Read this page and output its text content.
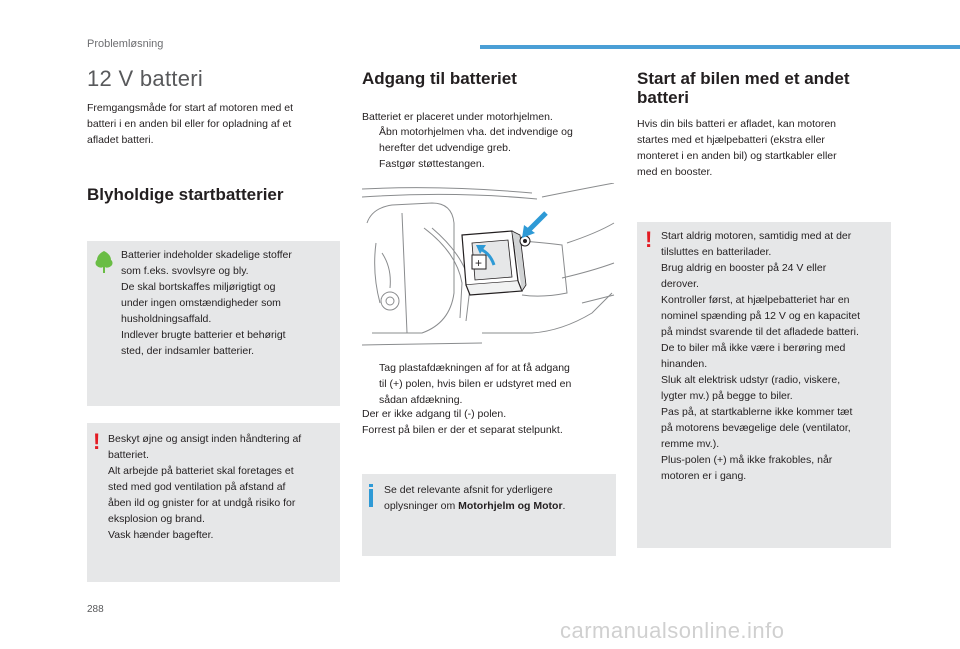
Problemløsning
12 V batteri
Fremgangsmåde for start af motoren med et
batteri i en anden bil eller for opladning af et
afladet batteri.
Blyholdige startbatterier
Batterier indeholder skadelige stoffer
som f.eks. svovlsyre og bly.
De skal bortskaffes miljørigtigt og
under ingen omstændigheder som
husholdningsaffald.
Indlever brugte batterier et behørigt
sted, der indsamler batterier.
! Beskyt øjne og ansigt inden håndtering af
batteriet.
Alt arbejde på batteriet skal foretages et
sted med god ventilation på afstand af
åben ild og gnister for at undgå risiko for
eksplosion og brand.
Vask hænder bagefter.
Adgang til batteriet
Batteriet er placeret under motorhjelmen.
Åbn motorhjelmen vha. det indvendige og
herefter det udvendige greb.
Fastgør støttestangen.
+
Tag plastafdækningen af for at få adgang
til (+) polen, hvis bilen er udstyret med en
sådan afdækning.
Der er ikke adgang til (-) polen.
Forrest på bilen er der et separat stelpunkt.
Se det relevante afsnit for yderligere
oplysninger om Motorhjelm og Motor.
Start af bilen med et andet
batteri
Hvis din bils batteri er afladet, kan motoren
startes med et hjælpebatteri (ekstra eller
monteret i en anden bil) og startkabler eller
med en booster.
! Start aldrig motoren, samtidig med at der
tilsluttes en batterilader.
Brug aldrig en booster på 24 V eller
derover.
Kontroller først, at hjælpebatteriet har en
nominel spænding på 12 V og en kapacitet
på mindst svarende til det afladede batteri.
De to biler må ikke være i berøring med
hinanden.
Sluk alt elektrisk udstyr (radio, viskere,
lygter mv.) på begge to biler.
Pas på, at startkablerne ikke kommer tæt
på motorens bevægelige dele (ventilator,
remme mv.).
Plus-polen (+) må ikke frakobles, når
motoren er i gang.
288
carmanualsonline.info
